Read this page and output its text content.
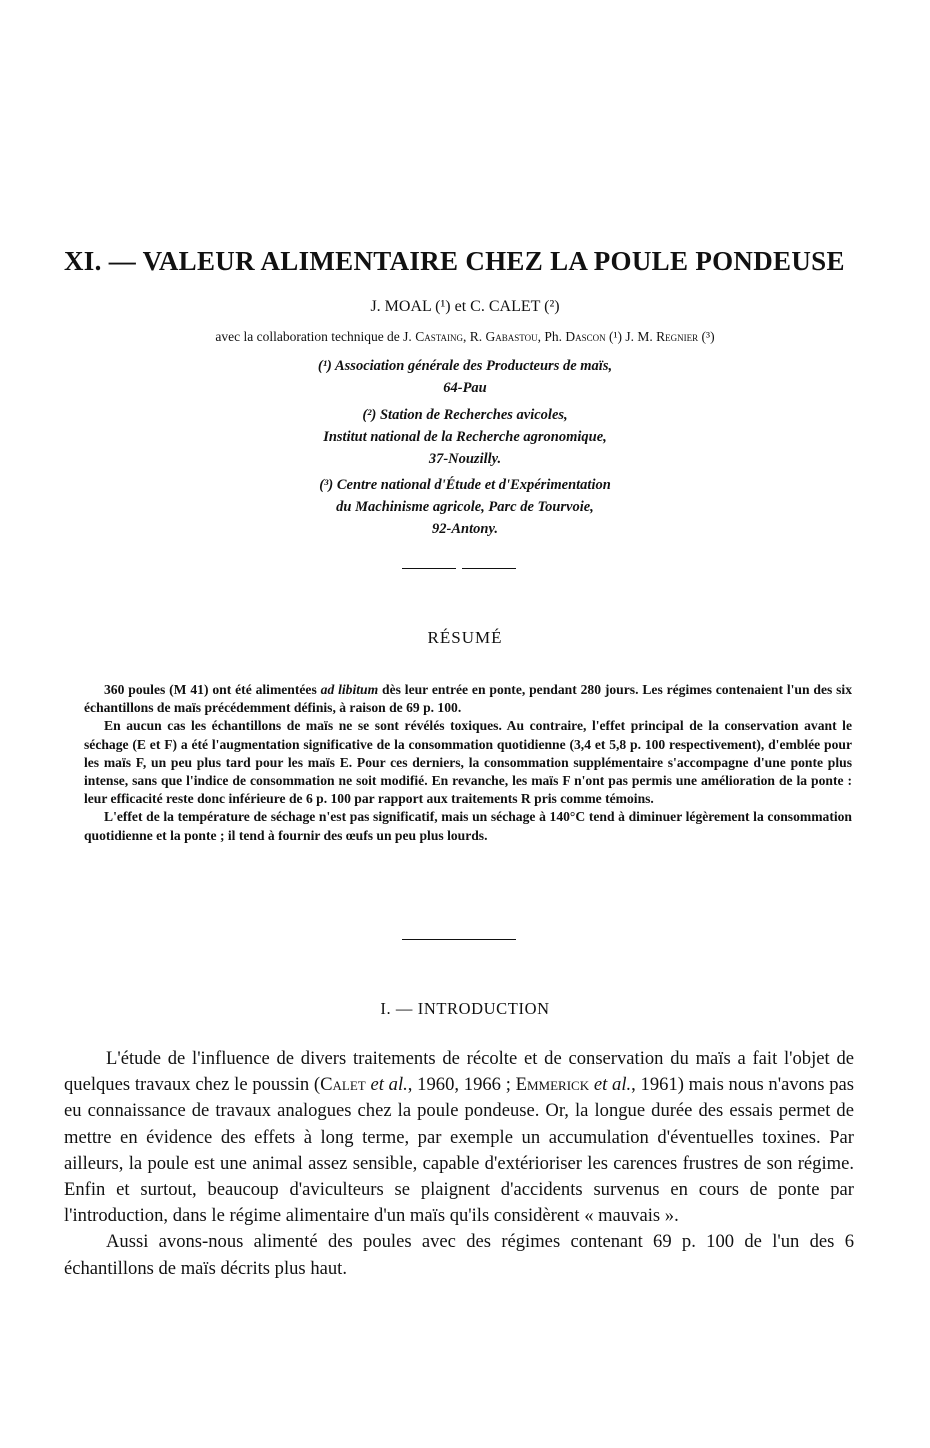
XI. — VALEUR ALIMENTAIRE CHEZ LA POULE PONDEUSE
J. MOAL (¹) et C. CALET (²)
avec la collaboration technique de J. Castaing, R. Gabastou, Ph. Dascon (¹) J. M. Regnier (³)
(¹) Association générale des Producteurs de maïs,
64-Pau
(²) Station de Recherches avicoles,
Institut national de la Recherche agronomique,
37-Nouzilly.
(³) Centre national d'Étude et d'Expérimentation
du Machinisme agricole, Parc de Tourvoie,
92-Antony.
RÉSUMÉ

360 poules (M 41) ont été alimentées ad libitum dès leur entrée en ponte, pendant 280 jours. Les régimes contenaient l'un des six échantillons de maïs précédemment définis, à raison de 69 p. 100.

En aucun cas les échantillons de maïs ne se sont révélés toxiques. Au contraire, l'effet principal de la conservation avant le séchage (E et F) a été l'augmentation significative de la consommation quotidienne (3,4 et 5,8 p. 100 respectivement), d'emblée pour les maïs F, un peu plus tard pour les maïs E. Pour ces derniers, la consommation supplémentaire s'accompagne d'une ponte plus intense, sans que l'indice de consommation ne soit modifié. En revanche, les maïs F n'ont pas permis une amélioration de la ponte : leur efficacité reste donc inférieure de 6 p. 100 par rapport aux traitements R pris comme témoins.

L'effet de la température de séchage n'est pas significatif, mais un séchage à 140°C tend à diminuer légèrement la consommation quotidienne et la ponte ; il tend à fournir des œufs un peu plus lourds.

I. — INTRODUCTION

L'étude de l'influence de divers traitements de récolte et de conservation du maïs a fait l'objet de quelques travaux chez le poussin (Calet et al., 1960, 1966 ; Emmerick et al., 1961) mais nous n'avons pas eu connaissance de travaux analogues chez la poule pondeuse. Or, la longue durée des essais permet de mettre en évidence des effets à long terme, par exemple un accumulation d'éventuelles toxines. Par ailleurs, la poule est une animal assez sensible, capable d'extérioriser les carences frustres de son régime. Enfin et surtout, beaucoup d'aviculteurs se plaignent d'accidents survenus en cours de ponte par l'introduction, dans le régime alimentaire d'un maïs qu'ils considèrent « mauvais ».

Aussi avons-nous alimenté des poules avec des régimes contenant 69 p. 100 de l'un des 6 échantillons de maïs décrits plus haut.
